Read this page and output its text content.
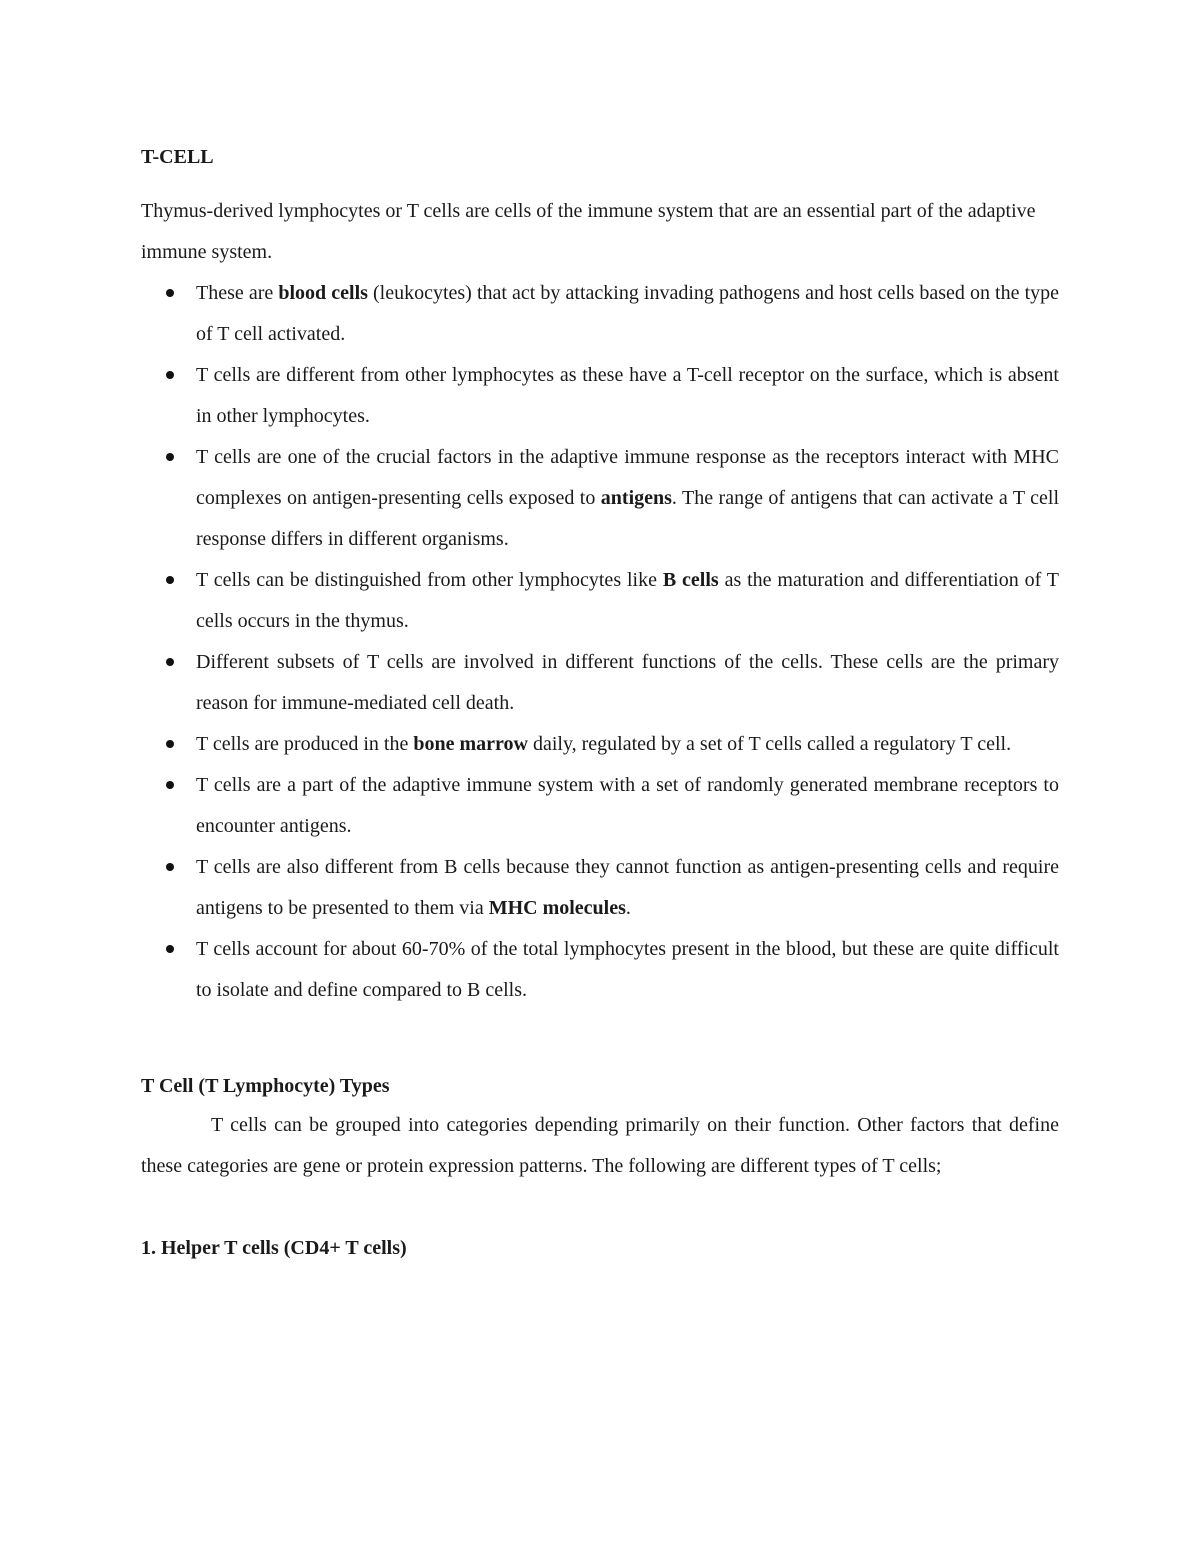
T-CELL

Thymus-derived lymphocytes or T cells are cells of the immune system that are an essential part of the adaptive immune system.

These are blood cells (leukocytes) that act by attacking invading pathogens and host cells based on the type of T cell activated.
T cells are different from other lymphocytes as these have a T-cell receptor on the surface, which is absent in other lymphocytes.
T cells are one of the crucial factors in the adaptive immune response as the receptors interact with MHC complexes on antigen-presenting cells exposed to antigens. The range of antigens that can activate a T cell response differs in different organisms.
T cells can be distinguished from other lymphocytes like B cells as the maturation and differentiation of T cells occurs in the thymus.
Different subsets of T cells are involved in different functions of the cells. These cells are the primary reason for immune-mediated cell death.
T cells are produced in the bone marrow daily, regulated by a set of T cells called a regulatory T cell.
T cells are a part of the adaptive immune system with a set of randomly generated membrane receptors to encounter antigens.
T cells are also different from B cells because they cannot function as antigen-presenting cells and require antigens to be presented to them via MHC molecules.
T cells account for about 60-70% of the total lymphocytes present in the blood, but these are quite difficult to isolate and define compared to B cells.
T Cell (T Lymphocyte) Types

T cells can be grouped into categories depending primarily on their function. Other factors that define these categories are gene or protein expression patterns. The following are different types of T cells;

1. Helper T cells (CD4+ T cells)
